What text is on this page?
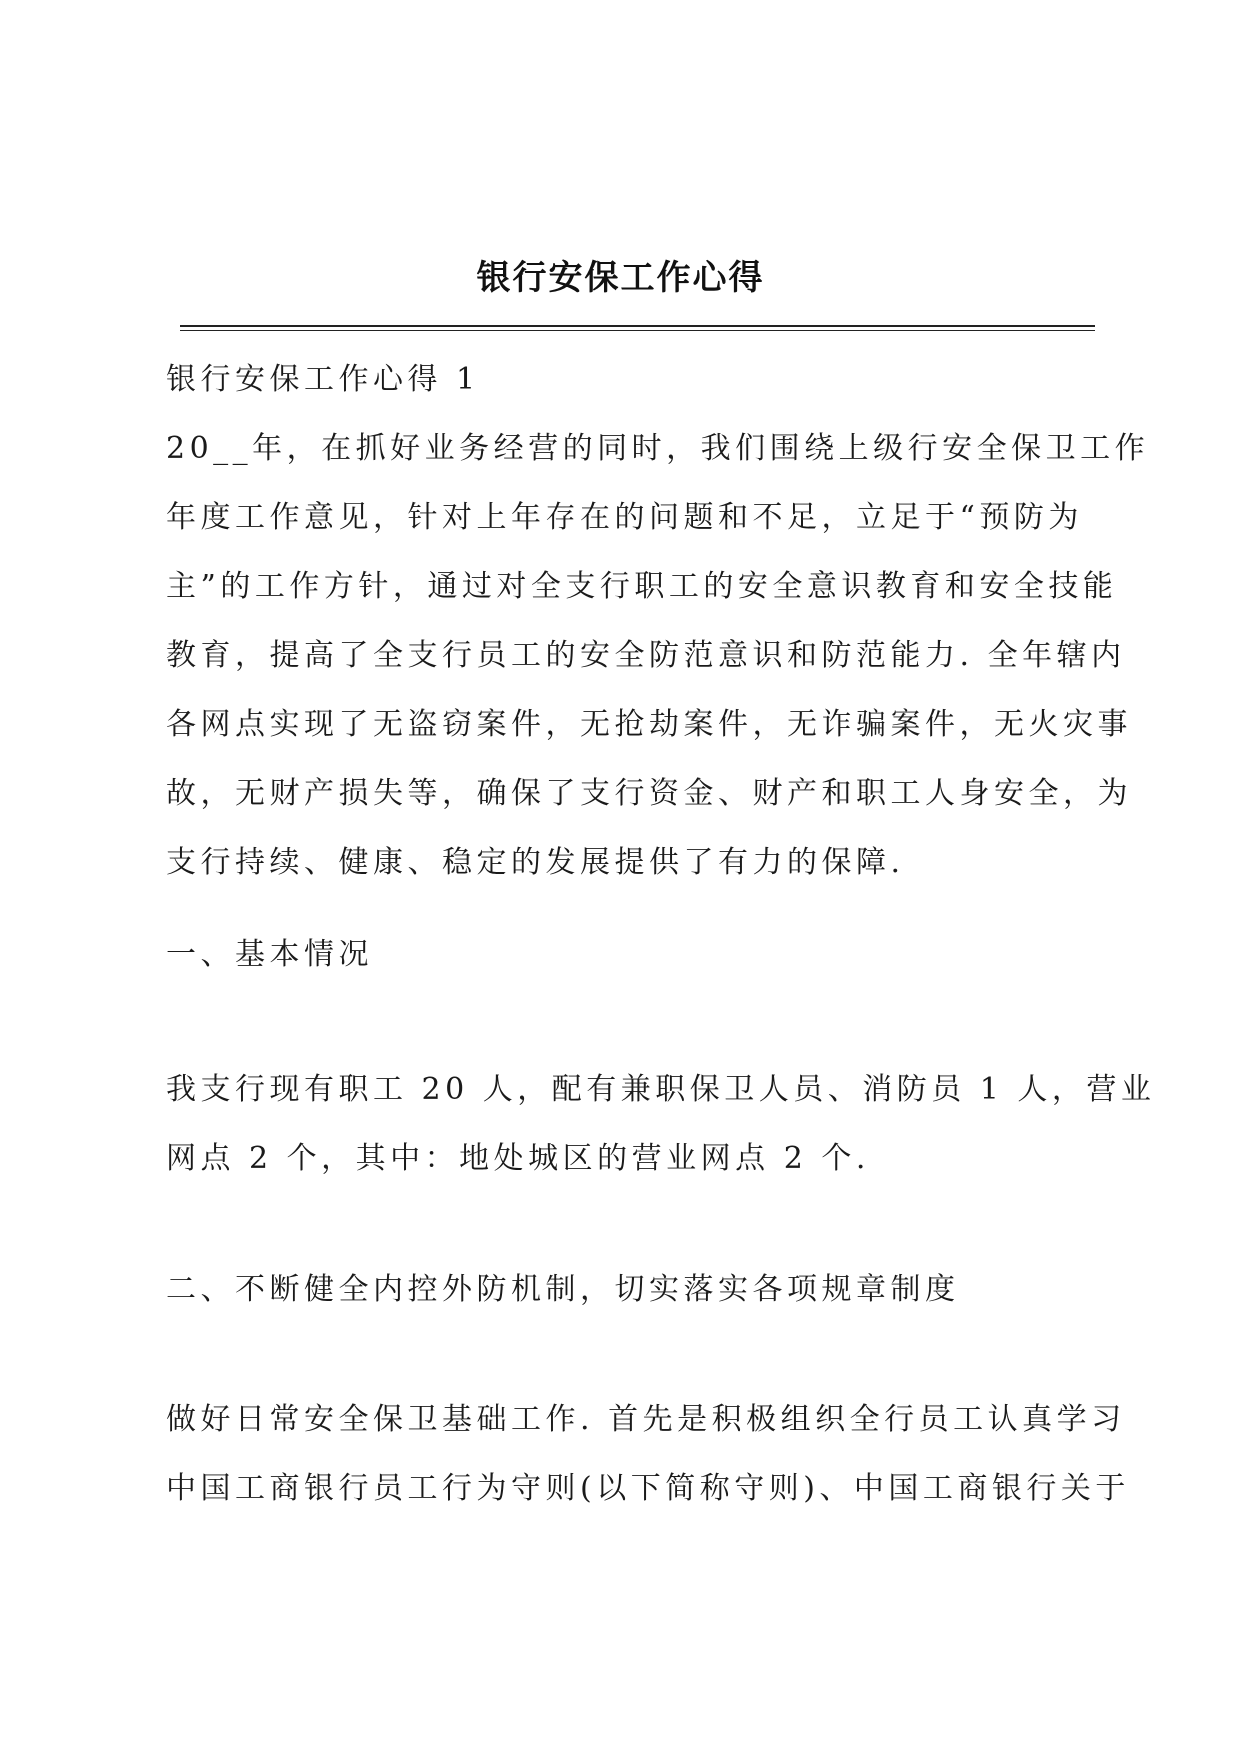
银行安保工作心得
银行安保工作心得 1
20__年，在抓好业务经营的同时，我们围绕上级行安全保卫工作
年度工作意见，针对上年存在的问题和不足，立足于“预防为
主”的工作方针，通过对全支行职工的安全意识教育和安全技能
教育，提高了全支行员工的安全防范意识和防范能力. 全年辖内
各网点实现了无盗窃案件，无抢劫案件，无诈骗案件，无火灾事
故，无财产损失等，确保了支行资金、财产和职工人身安全，为
支行持续、健康、稳定的发展提供了有力的保障.
一、基本情况
我支行现有职工 20 人，配有兼职保卫人员、消防员 1 人，营业
网点 2 个，其中：地处城区的营业网点 2 个.
二、不断健全内控外防机制，切实落实各项规章制度
做好日常安全保卫基础工作. 首先是积极组织全行员工认真学习
中国工商银行员工行为守则(以下简称守则)、中国工商银行关于
